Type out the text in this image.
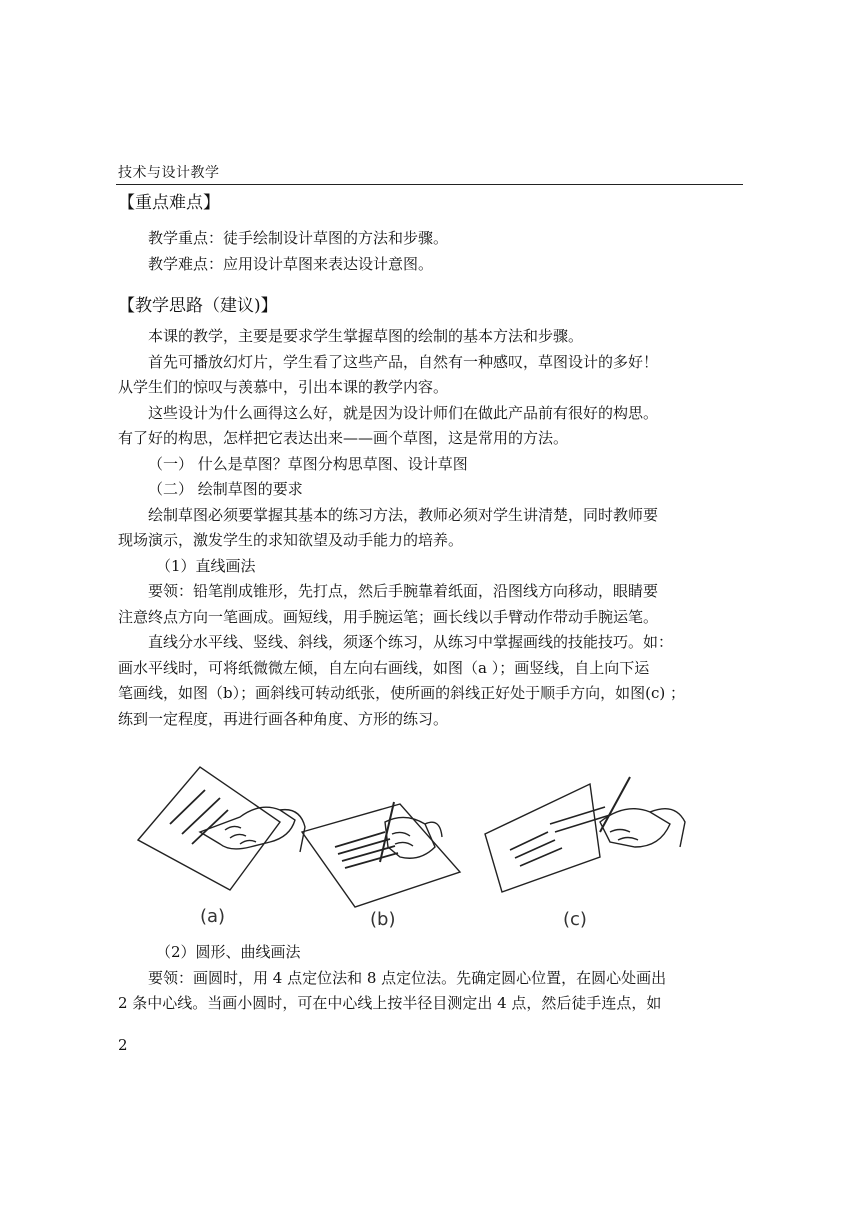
技术与设计教学
【重点难点】
教学重点：徒手绘制设计草图的方法和步骤。
教学难点：应用设计草图来表达设计意图。
【教学思路（建议)】
本课的教学，主要是要求学生掌握草图的绘制的基本方法和步骤。
首先可播放幻灯片，学生看了这些产品，自然有一种感叹，草图设计的多好！
从学生们的惊叹与羡慕中，引出本课的教学内容。
这些设计为什么画得这么好，就是因为设计师们在做此产品前有很好的构思。
有了好的构思，怎样把它表达出来——画个草图，这是常用的方法。
（一） 什么是草图？草图分构思草图、设计草图
（二） 绘制草图的要求
绘制草图必须要掌握其基本的练习方法，教师必须对学生讲清楚，同时教师要
现场演示，激发学生的求知欲望及动手能力的培养。
（1）直线画法
要领：铅笔削成锥形，先打点，然后手腕靠着纸面，沿图线方向移动，眼睛要
注意终点方向一笔画成。画短线，用手腕运笔；画长线以手臂动作带动手腕运笔。
直线分水平线、竖线、斜线，须逐个练习，从练习中掌握画线的技能技巧。如：
画水平线时，可将纸微微左倾，自左向右画线，如图（a ）；画竖线，自上向下运
笔画线，如图（b）；画斜线可转动纸张，使所画的斜线正好处于顺手方向，如图(c) ；
练到一定程度，再进行画各种角度、方形的练习。
(a)	(b)	(c)
（2）圆形、曲线画法
要领：画圆时，用 4 点定位法和 8 点定位法。先确定圆心位置，在圆心处画出
2 条中心线。当画小圆时，可在中心线上按半径目测定出 4 点，然后徒手连点，如
2
